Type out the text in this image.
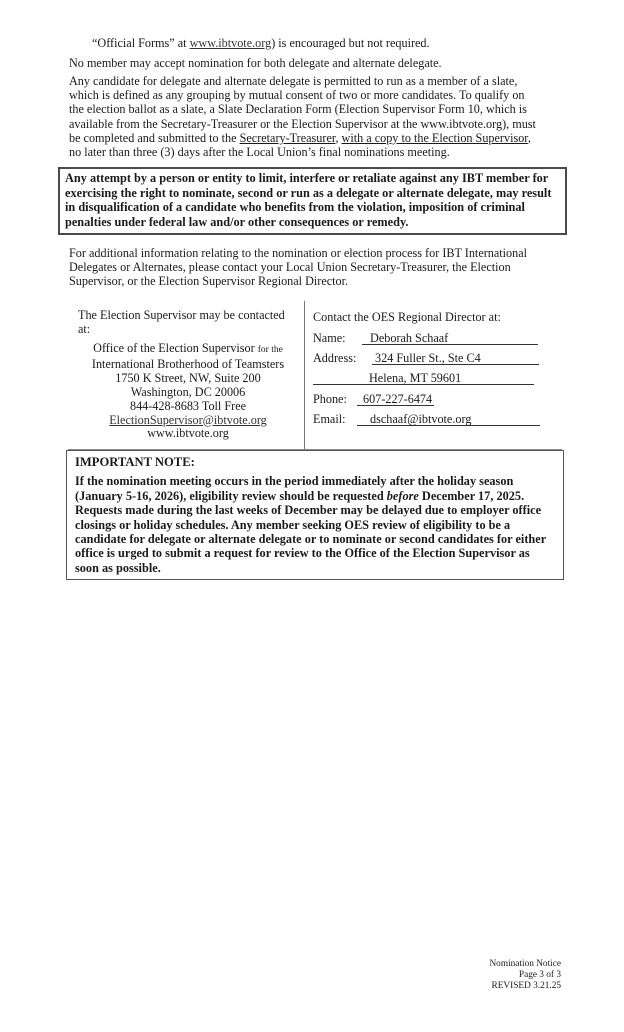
“Official Forms” at www.ibtvote.org) is encouraged but not required.

No member may accept nomination for both delegate and alternate delegate.

Any candidate for delegate and alternate delegate is permitted to run as a member of a slate,

which is defined as any grouping by mutual consent of two or more candidates. To qualify on

the election ballot as a slate, a Slate Declaration Form (Election Supervisor Form 10, which is

available from the Secretary-Treasurer or the Election Supervisor at the www.ibtvote.org), must

be completed and submitted to the Secretary-Treasurer, with a copy to the Election Supervisor,

no later than three (3) days after the Local Union’s final nominations meeting.

Any attempt by a person or entity to limit, interfere or retaliate against any IBT member for

exercising the right to nominate, second or run as a delegate or alternate delegate, may result

in disqualification of a candidate who benefits from the violation, imposition of criminal

penalties under federal law and/or other consequences or remedy.

For additional information relating to the nomination or election process for IBT International

Delegates or Alternates, please contact your Local Union Secretary-Treasurer, the Election

Supervisor, or the Election Supervisor Regional Director.

The Election Supervisor may be contacted

at:

Office of the Election Supervisor for the

International Brotherhood of Teamsters

1750 K Street, NW, Suite 200

Washington, DC 20006

844-428-8683 Toll Free

ElectionSupervisor@ibtvote.org

www.ibtvote.org

Contact the OES Regional Director at:
Name: Deborah Schaaf
Address: 324 Fuller St., Ste C4
Helena, MT 59601
Phone: 607-227-6474
Email: dschaaf@ibtvote.org

IMPORTANT NOTE:

If the nomination meeting occurs in the period immediately after the holiday season

(January 5-16, 2026), eligibility review should be requested before December 17, 2025.

Requests made during the last weeks of December may be delayed due to employer office

closings or holiday schedules. Any member seeking OES review of eligibility to be a

candidate for delegate or alternate delegate or to nominate or second candidates for either

office is urged to submit a request for review to the Office of the Election Supervisor as

soon as possible.

Nomination Notice
Page 3 of 3
REVISED 3.21.25
